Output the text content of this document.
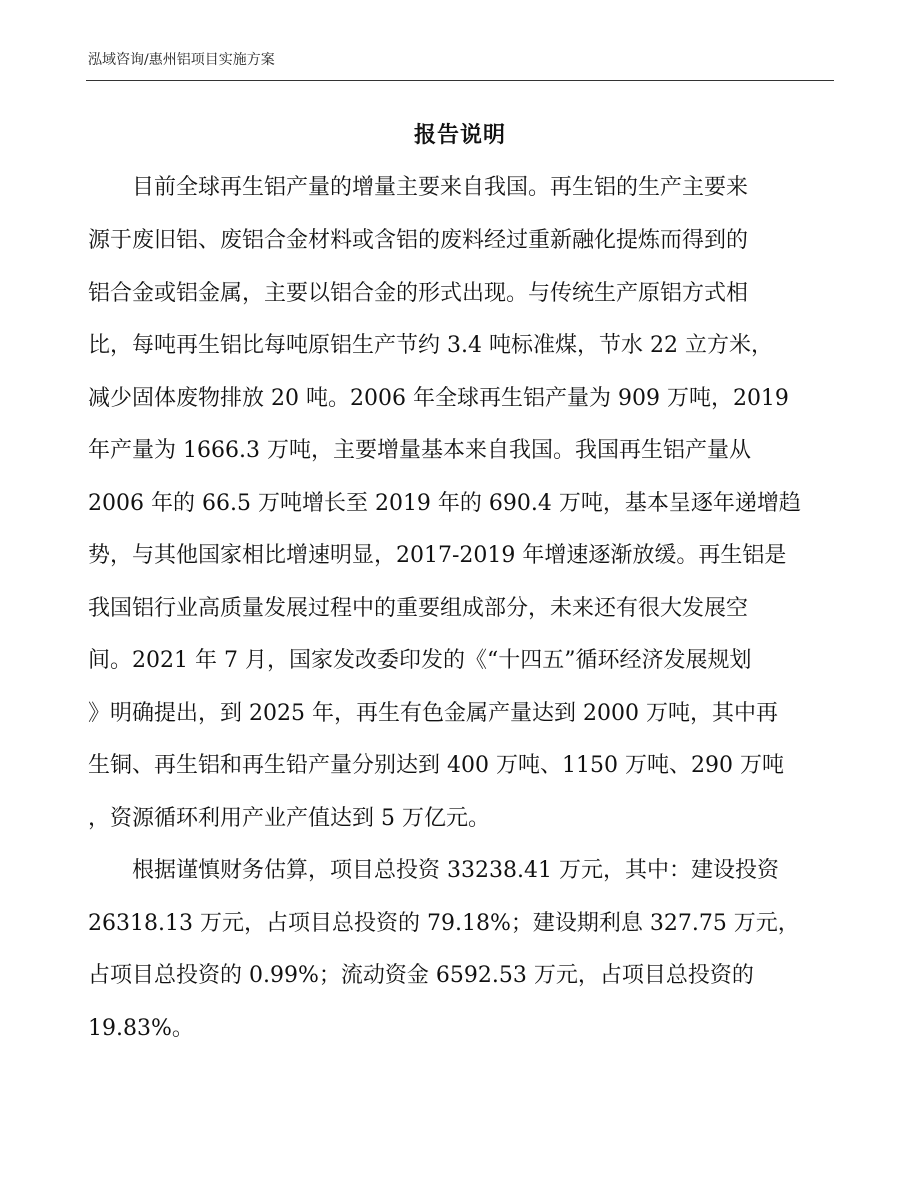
泓域咨询/惠州铝项目实施方案
报告说明
目前全球再生铝产量的增量主要来自我国。再生铝的生产主要来
源于废旧铝、废铝合金材料或含铝的废料经过重新融化提炼而得到的
铝合金或铝金属，主要以铝合金的形式出现。与传统生产原铝方式相
比，每吨再生铝比每吨原铝生产节约 3.4 吨标准煤，节水 22 立方米，
减少固体废物排放 20 吨。2006 年全球再生铝产量为 909 万吨，2019
年产量为 1666.3 万吨，主要增量基本来自我国。我国再生铝产量从
2006 年的 66.5 万吨增长至 2019 年的 690.4 万吨，基本呈逐年递增趋
势，与其他国家相比增速明显，2017-2019 年增速逐渐放缓。再生铝是
我国铝行业高质量发展过程中的重要组成部分，未来还有很大发展空
间。2021 年 7 月，国家发改委印发的《“十四五”循环经济发展规划
》明确提出，到 2025 年，再生有色金属产量达到 2000 万吨，其中再
生铜、再生铝和再生铅产量分别达到 400 万吨、1150 万吨、290 万吨
，资源循环利用产业产值达到 5 万亿元。
根据谨慎财务估算，项目总投资 33238.41 万元，其中：建设投资
26318.13 万元，占项目总投资的 79.18%；建设期利息 327.75 万元，
占项目总投资的 0.99%；流动资金 6592.53 万元，占项目总投资的
19.83%。
